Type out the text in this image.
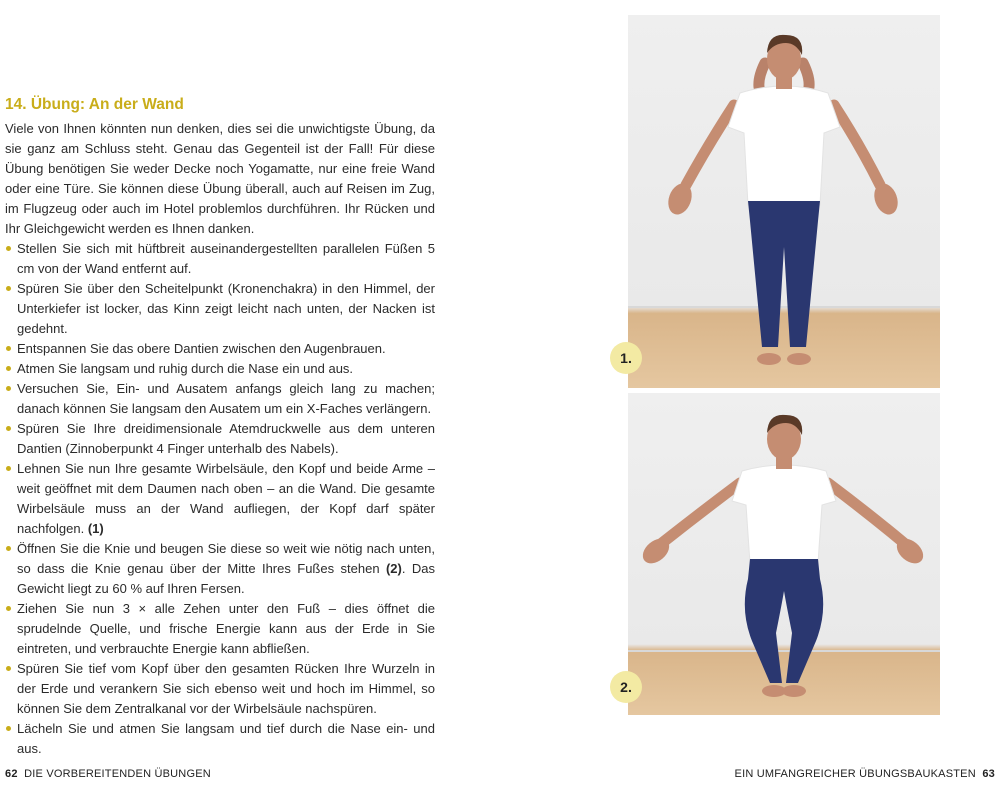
14. Übung: An der Wand

Viele von Ihnen könnten nun denken, dies sei die unwichtigste Übung, da sie ganz am Schluss steht. Genau das Gegenteil ist der Fall! Für diese Übung benötigen Sie weder Decke noch Yogamatte, nur eine freie Wand oder eine Türe. Sie können diese Übung überall, auch auf Reisen im Zug, im Flugzeug oder auch im Hotel problemlos durchführen. Ihr Rücken und Ihr Gleichgewicht werden es Ihnen danken.

Stellen Sie sich mit hüftbreit auseinandergestellten parallelen Füßen 5 cm von der Wand entfernt auf.
Spüren Sie über den Scheitelpunkt (Kronenchakra) in den Himmel, der Unterkiefer ist locker, das Kinn zeigt leicht nach unten, der Nacken ist gedehnt.
Entspannen Sie das obere Dantien zwischen den Augenbrauen.
Atmen Sie langsam und ruhig durch die Nase ein und aus.
Versuchen Sie, Ein- und Ausatem anfangs gleich lang zu machen; danach können Sie langsam den Ausatem um ein X-Faches verlängern.
Spüren Sie Ihre dreidimensionale Atemdruckwelle aus dem unteren Dantien (Zinnoberpunkt 4 Finger unterhalb des Nabels).
Lehnen Sie nun Ihre gesamte Wirbelsäule, den Kopf und beide Arme – weit geöffnet mit dem Daumen nach oben – an die Wand. Die gesamte Wirbelsäule muss an der Wand aufliegen, der Kopf darf später nachfolgen. (1)
Öffnen Sie die Knie und beugen Sie diese so weit wie nötig nach unten, so dass die Knie genau über der Mitte Ihres Fußes stehen (2). Das Gewicht liegt zu 60 % auf Ihren Fersen.
Ziehen Sie nun 3 × alle Zehen unter den Fuß – dies öffnet die sprudelnde Quelle, und frische Energie kann aus der Erde in Sie eintreten, und verbrauchte Energie kann abfließen.
Spüren Sie tief vom Kopf über den gesamten Rücken Ihre Wurzeln in der Erde und verankern Sie sich ebenso weit und hoch im Himmel, so können Sie dem Zentralkanal vor der Wirbelsäule nachspüren.
Lächeln Sie und atmen Sie langsam und tief durch die Nase ein- und aus.
1.
2.
62 DIE VORBEREITENDEN ÜBUNGEN	EIN UMFANGREICHER ÜBUNGSBAUKASTEN 63
